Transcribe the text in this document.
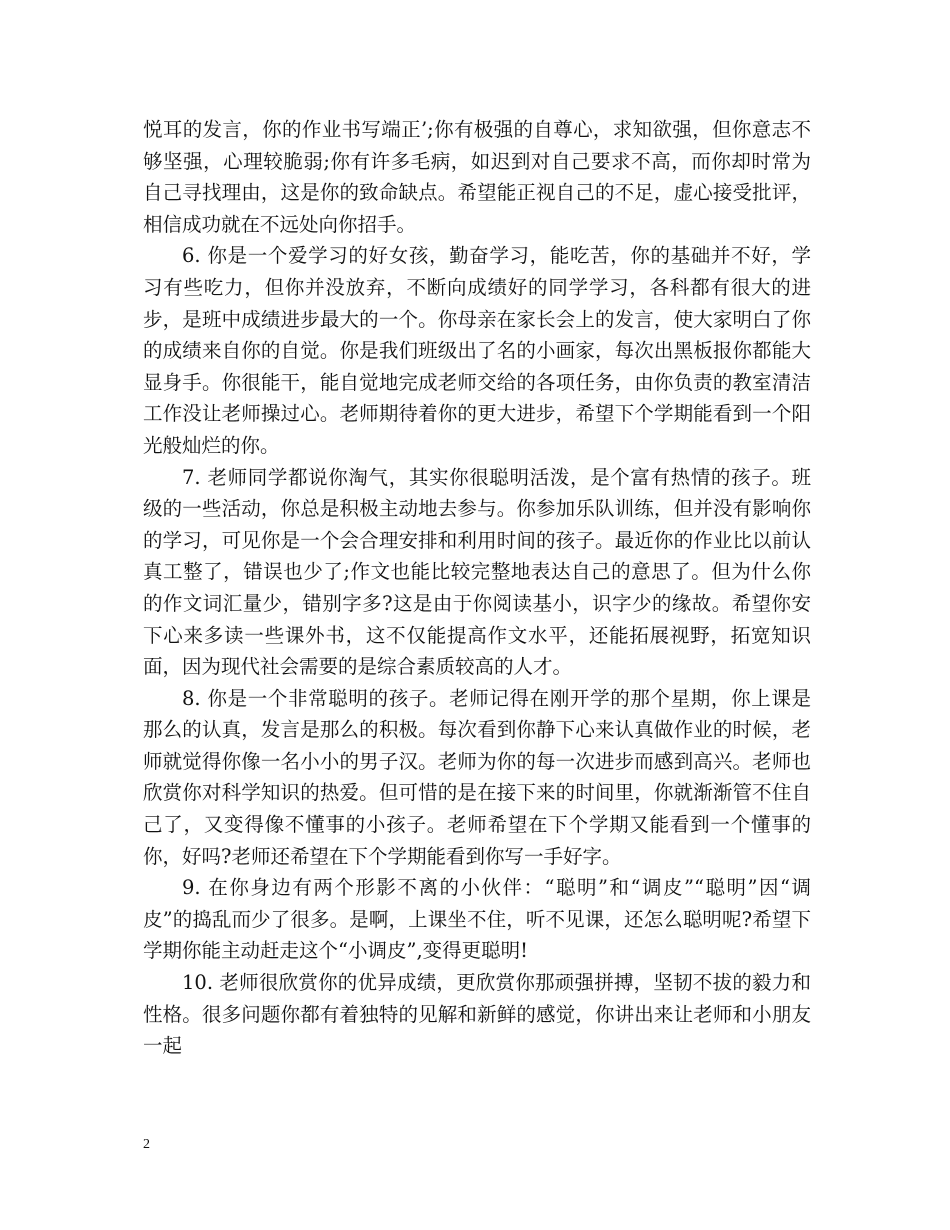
悦耳的发言，你的作业书写端正’;你有极强的自尊心，求知欲强，但你意志不够坚强，心理较脆弱;你有许多毛病，如迟到对自己要求不高，而你却时常为自己寻找理由，这是你的致命缺点。希望能正视自己的不足，虚心接受批评，相信成功就在不远处向你招手。

6. 你是一个爱学习的好女孩，勤奋学习，能吃苦，你的基础并不好，学习有些吃力，但你并没放弃，不断向成绩好的同学学习，各科都有很大的进步，是班中成绩进步最大的一个。你母亲在家长会上的发言，使大家明白了你的成绩来自你的自觉。你是我们班级出了名的小画家，每次出黑板报你都能大显身手。你很能干，能自觉地完成老师交给的各项任务，由你负责的教室清洁工作没让老师操过心。老师期待着你的更大进步，希望下个学期能看到一个阳光般灿烂的你。

7. 老师同学都说你淘气，其实你很聪明活泼，是个富有热情的孩子。班级的一些活动，你总是积极主动地去参与。你参加乐队训练，但并没有影响你的学习，可见你是一个会合理安排和利用时间的孩子。最近你的作业比以前认真工整了，错误也少了;作文也能比较完整地表达自己的意思了。但为什么你的作文词汇量少，错别字多?这是由于你阅读基小，识字少的缘故。希望你安下心来多读一些课外书，这不仅能提高作文水平，还能拓展视野，拓宽知识面，因为现代社会需要的是综合素质较高的人才。

8. 你是一个非常聪明的孩子。老师记得在刚开学的那个星期，你上课是那么的认真，发言是那么的积极。每次看到你静下心来认真做作业的时候，老师就觉得你像一名小小的男子汉。老师为你的每一次进步而感到高兴。老师也欣赏你对科学知识的热爱。但可惜的是在接下来的时间里，你就渐渐管不住自己了，又变得像不懂事的小孩子。老师希望在下个学期又能看到一个懂事的你，好吗?老师还希望在下个学期能看到你写一手好字。

9. 在你身边有两个形影不离的小伙伴：“聪明”和“调皮”“聪明”因“调皮”的捣乱而少了很多。是啊，上课坐不住，听不见课，还怎么聪明呢?希望下学期你能主动赶走这个“小调皮”,变得更聪明!

10. 老师很欣赏你的优异成绩，更欣赏你那顽强拼搏，坚韧不拔的毅力和性格。很多问题你都有着独特的见解和新鲜的感觉，你讲出来让老师和小朋友一起

2
